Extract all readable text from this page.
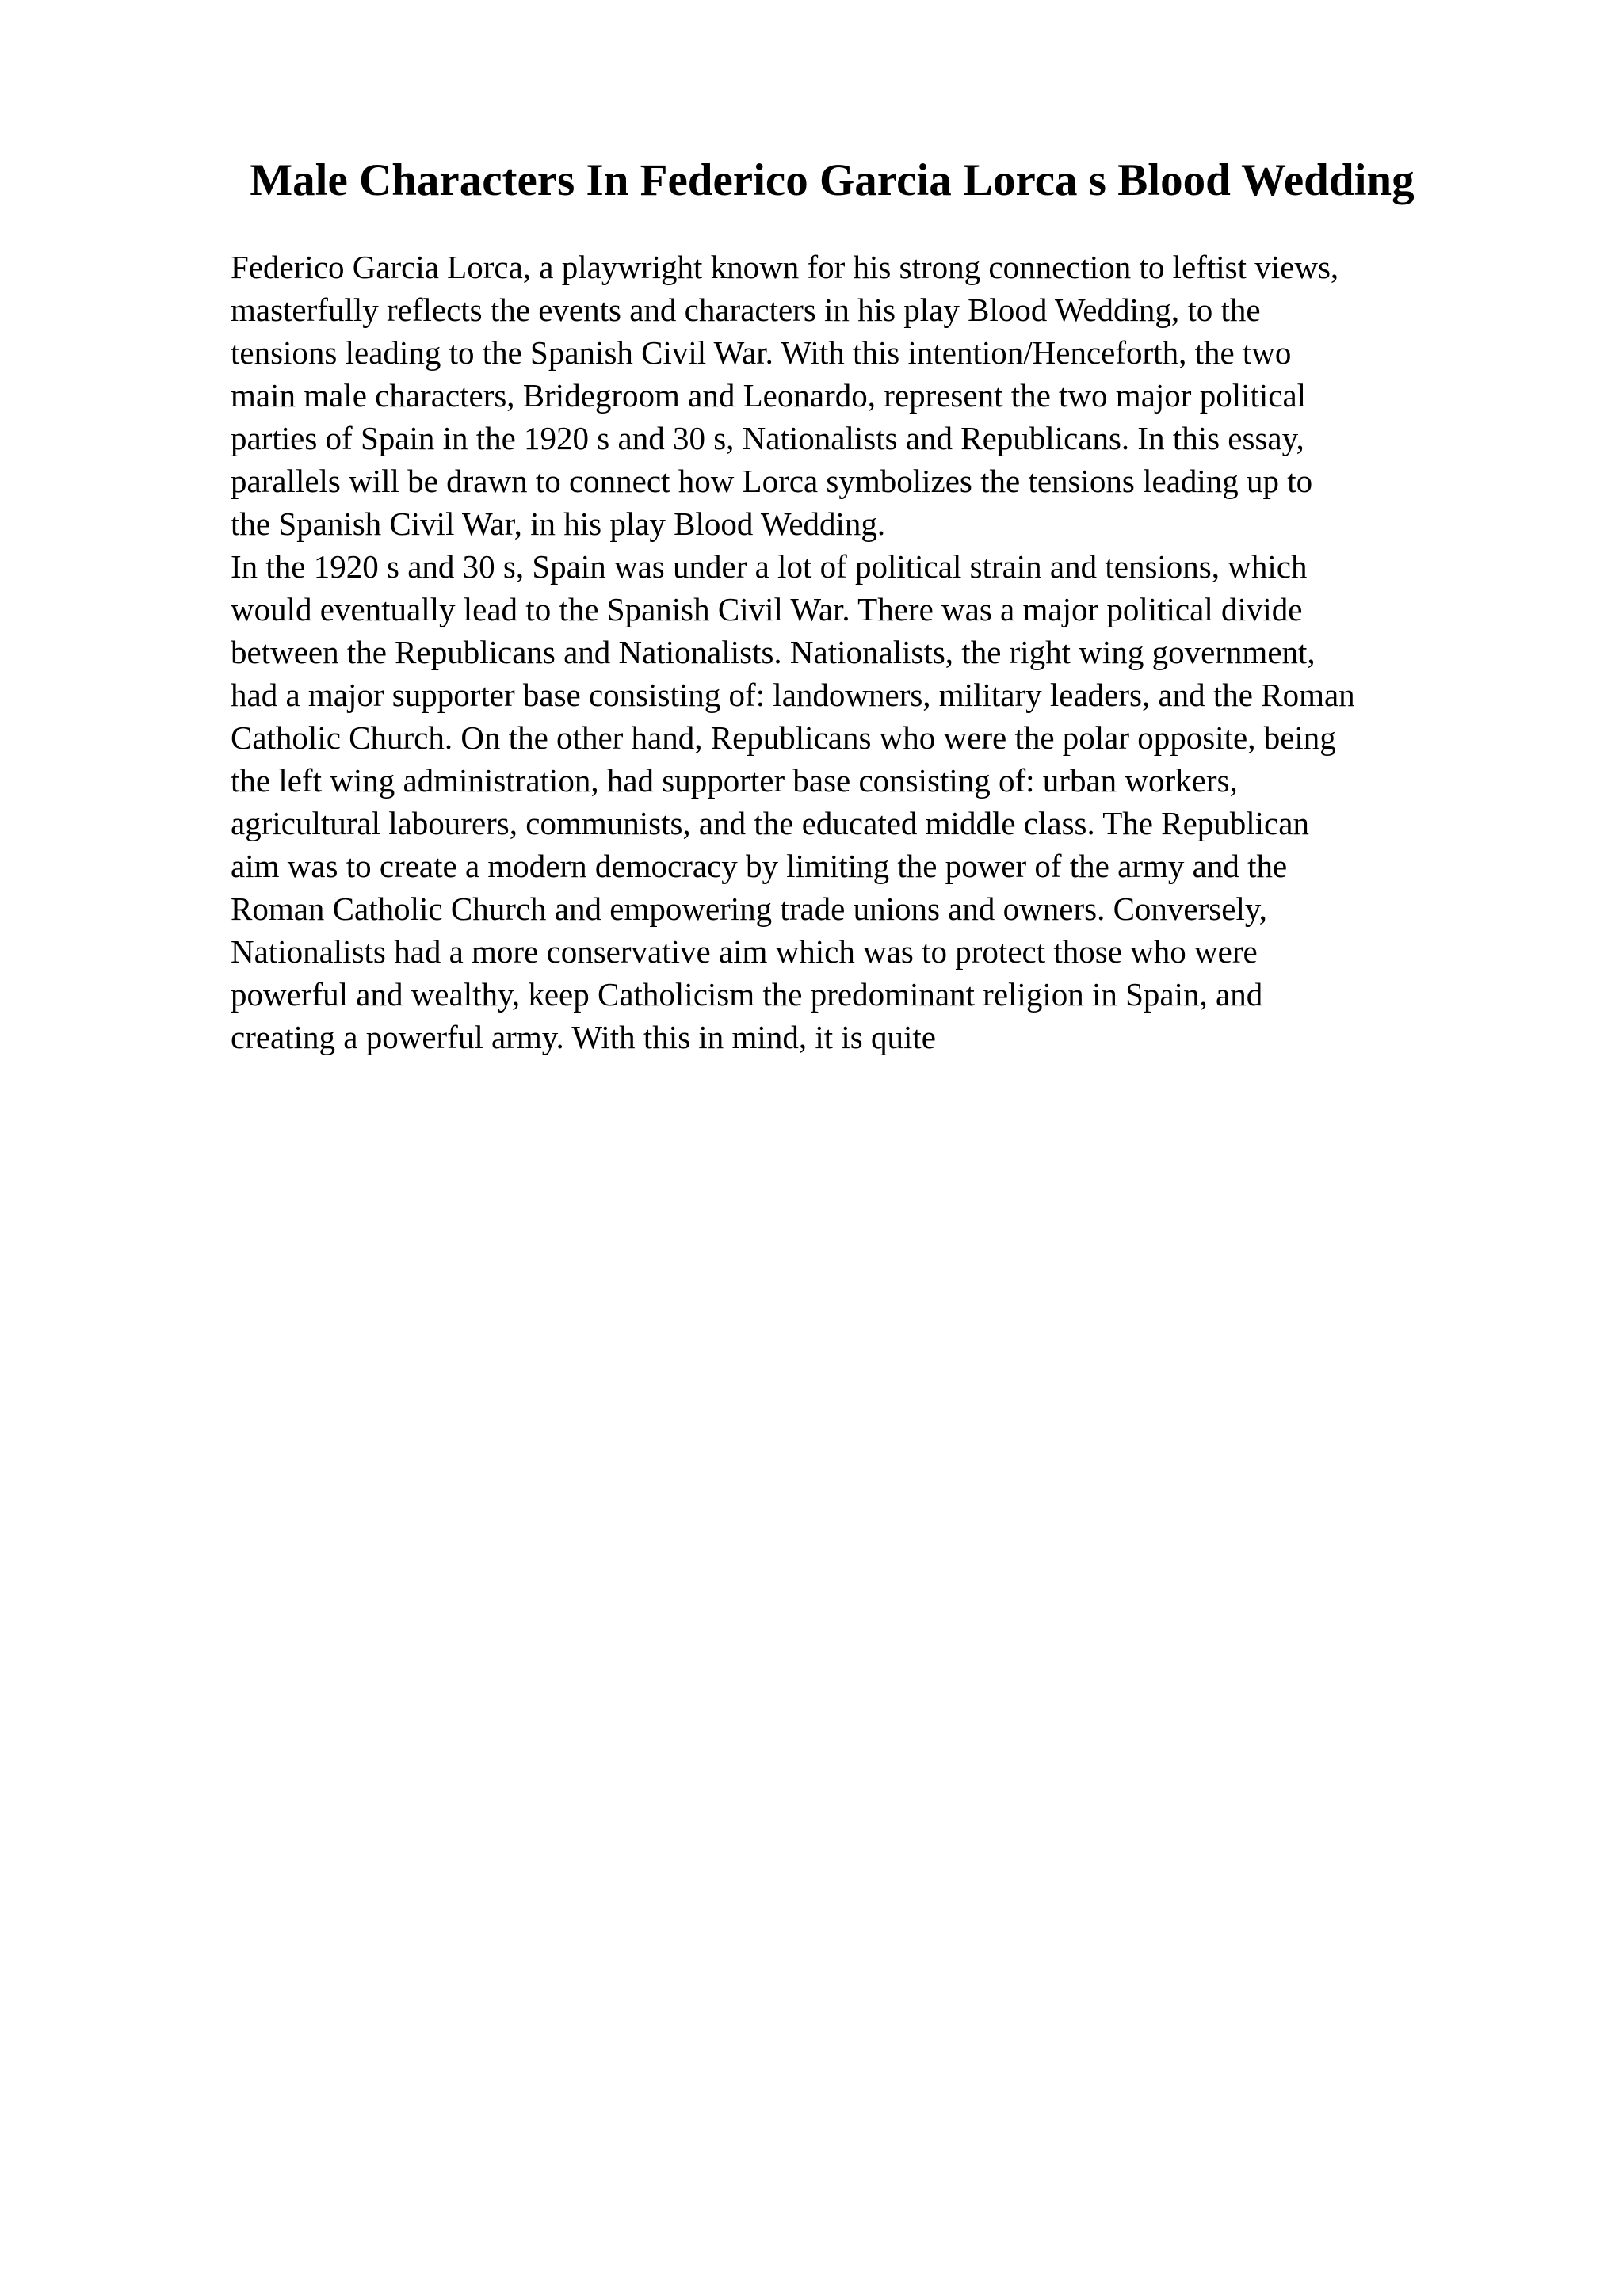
Male Characters In Federico Garcia Lorca s Blood Wedding

Federico Garcia Lorca, a playwright known for his strong connection to leftist views,
masterfully reflects the events and characters in his play Blood Wedding, to the
tensions leading to the Spanish Civil War. With this intention/Henceforth, the two
main male characters, Bridegroom and Leonardo, represent the two major political
parties of Spain in the 1920 s and 30 s, Nationalists and Republicans. In this essay,
parallels will be drawn to connect how Lorca symbolizes the tensions leading up to
the Spanish Civil War, in his play Blood Wedding.

In the 1920 s and 30 s, Spain was under a lot of political strain and tensions, which
would eventually lead to the Spanish Civil War. There was a major political divide
between the Republicans and Nationalists. Nationalists, the right wing government,
had a major supporter base consisting of: landowners, military leaders, and the Roman
Catholic Church. On the other hand, Republicans who were the polar opposite, being
the left wing administration, had supporter base consisting of: urban workers,
agricultural labourers, communists, and the educated middle class. The Republican
aim was to create a modern democracy by limiting the power of the army and the
Roman Catholic Church and empowering trade unions and owners. Conversely,
Nationalists had a more conservative aim which was to protect those who were
powerful and wealthy, keep Catholicism the predominant religion in Spain, and
creating a powerful army. With this in mind, it is quite
